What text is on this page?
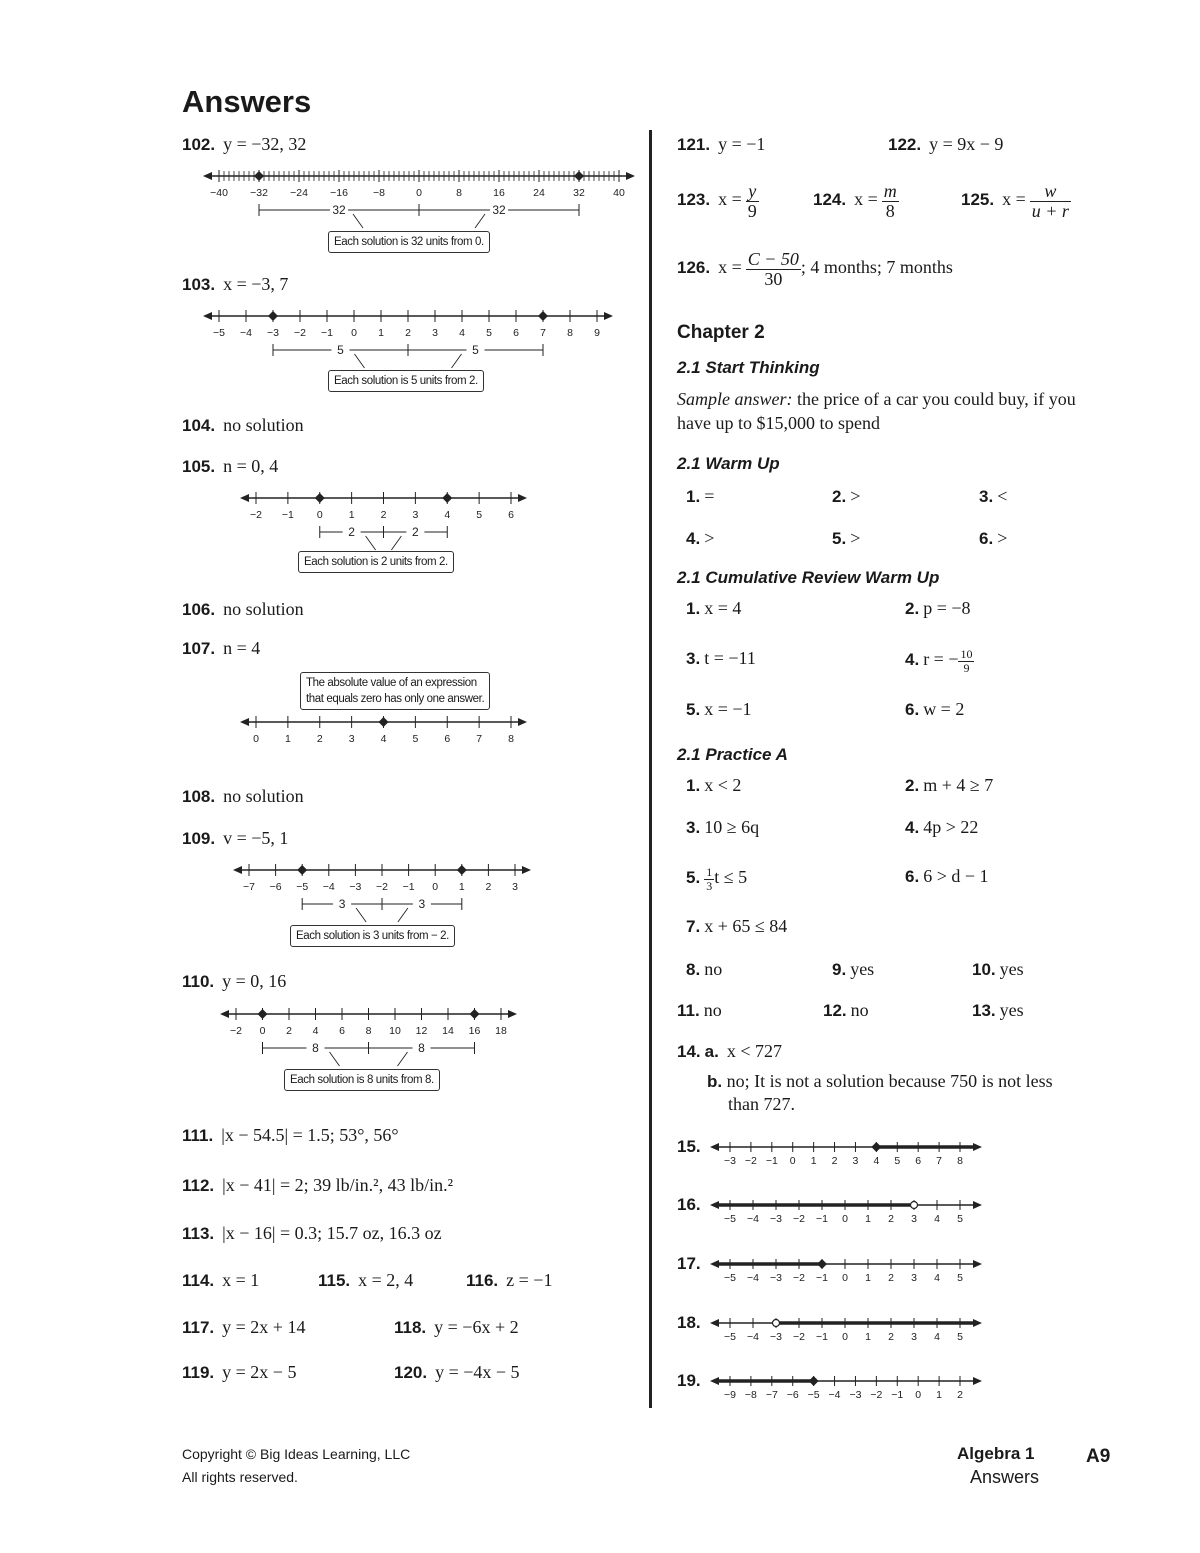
Answers
102. y = −32, 32
−40 −32 −24 −16 −8	0	8	16	24	32	40
32	32
Each solution is 32 units from 0.
103. x = −3, 7
−5 −4 −3 −2 −1 0 1 2 3 4 5 6 7 8 9
5	5
Each solution is 5 units from 2.
104. no solution
105. n = 0, 4
−2 −1 0 1 2 3 4 5 6
2	2
Each solution is 2 units from 2.
106. no solution
107. n = 4
The absolute value of an expression
that equals zero has only one answer.
0 1 2 3 4 5 6 7 8
108. no solution
109. v = −5, 1
−7 −6 −5 −4 −3 −2 −1 0 1 2 3
3	3
Each solution is 3 units from − 2.
110. y = 0, 16
−2 0 2 4 6 8 10 12 14 16 18
8	8
Each solution is 8 units from 8.
111. |x − 54.5| = 1.5; 53°, 56°
112. |x − 41| = 2; 39 lb/in.², 43 lb/in.²
113. |x − 16| = 0.3; 15.7 oz, 16.3 oz
114. x = 1	115. x = 2, 4	116. z = −1
117. y = 2x + 14	118. y = −6x + 2
119. y = 2x − 5	120. y = −4x − 5
121. y = −1	122. y = 9x − 9
123. $x = \frac{y}{9}$	124. $x = \frac{m}{8}$	125. $x = \frac{w}{u + r}$
126. $x = \frac{C - 50}{30}$ ; 4 months; 7 months
Chapter 2
2.1 Start Thinking
Sample answer: the price of a car you could buy, if you
have up to $15,000 to spend
2.1 Warm Up
1. =	2. >	3. <
4. >	5. >	6. >
2.1 Cumulative Review Warm Up
1. x = 4	2. p = −8
3. t = −11	4. r = − $\frac{10}{9}$
5. x = −1	6. w = 2
2.1 Practice A
1. x < 2	2. m + 4 ≥ 7
3. 10 ≥ 6q	4. 4p > 22
5. $\frac{1}{3}$ t ≤ 5	6. 6 > d − 1
7. x + 65 ≤ 84
8. no	9. yes	10. yes
11. no	12. no	13. yes
14. a. x < 727
b. no; It is not a solution because 750 is not less
than 727.
15.
−3 −2 −1 0 1 2 3 4 5 6 7 8
16.
−5 −4 −3 −2 −1 0 1 2 3 4 5
17.
−5 −4 −3 −2 −1 0 1 2 3 4 5
18.
−5 −4 −3 −2 −1 0 1 2 3 4 5
19.
−9 −8 −7 −6 −5 −4 −3 −2 −1 0 1 2
Copyright © Big Ideas Learning, LLC
All rights reserved.
Algebra 1
Answers
A9
